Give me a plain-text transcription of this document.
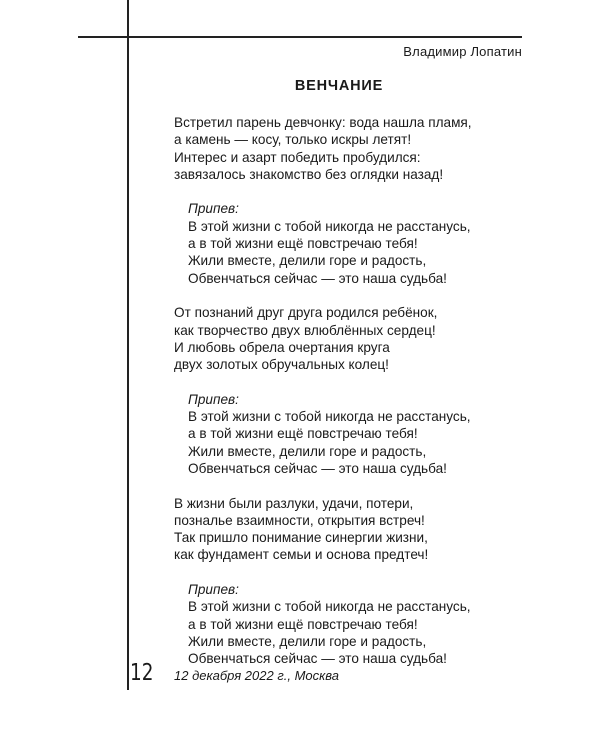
Владимир Лопатин
ВЕНЧАНИЕ
Встретил парень девчонку: вода нашла пламя,
а камень — косу, только искры летят!
Интерес и азарт победить пробудился:
завязалось знакомство без оглядки назад!
Припев:
В этой жизни с тобой никогда не расстанусь,
а в той жизни ещё повстречаю тебя!
Жили вместе, делили горе и радость,
Обвенчаться сейчас — это наша судьба!
От познаний друг друга родился ребёнок,
как творчество двух влюблённых сердец!
И любовь обрела очертания круга
двух золотых обручальных колец!
Припев:
В этой жизни с тобой никогда не расстанусь,
а в той жизни ещё повстречаю тебя!
Жили вместе, делили горе и радость,
Обвенчаться сейчас — это наша судьба!
В жизни были разлуки, удачи, потери,
позналье взаимности, открытия встреч!
Так пришло понимание синергии жизни,
как фундамент семьи и основа предтеч!
Припев:
В этой жизни с тобой никогда не расстанусь,
а в той жизни ещё повстречаю тебя!
Жили вместе, делили горе и радость,
Обвенчаться сейчас — это наша судьба!
12 12 декабря 2022 г., Москва
